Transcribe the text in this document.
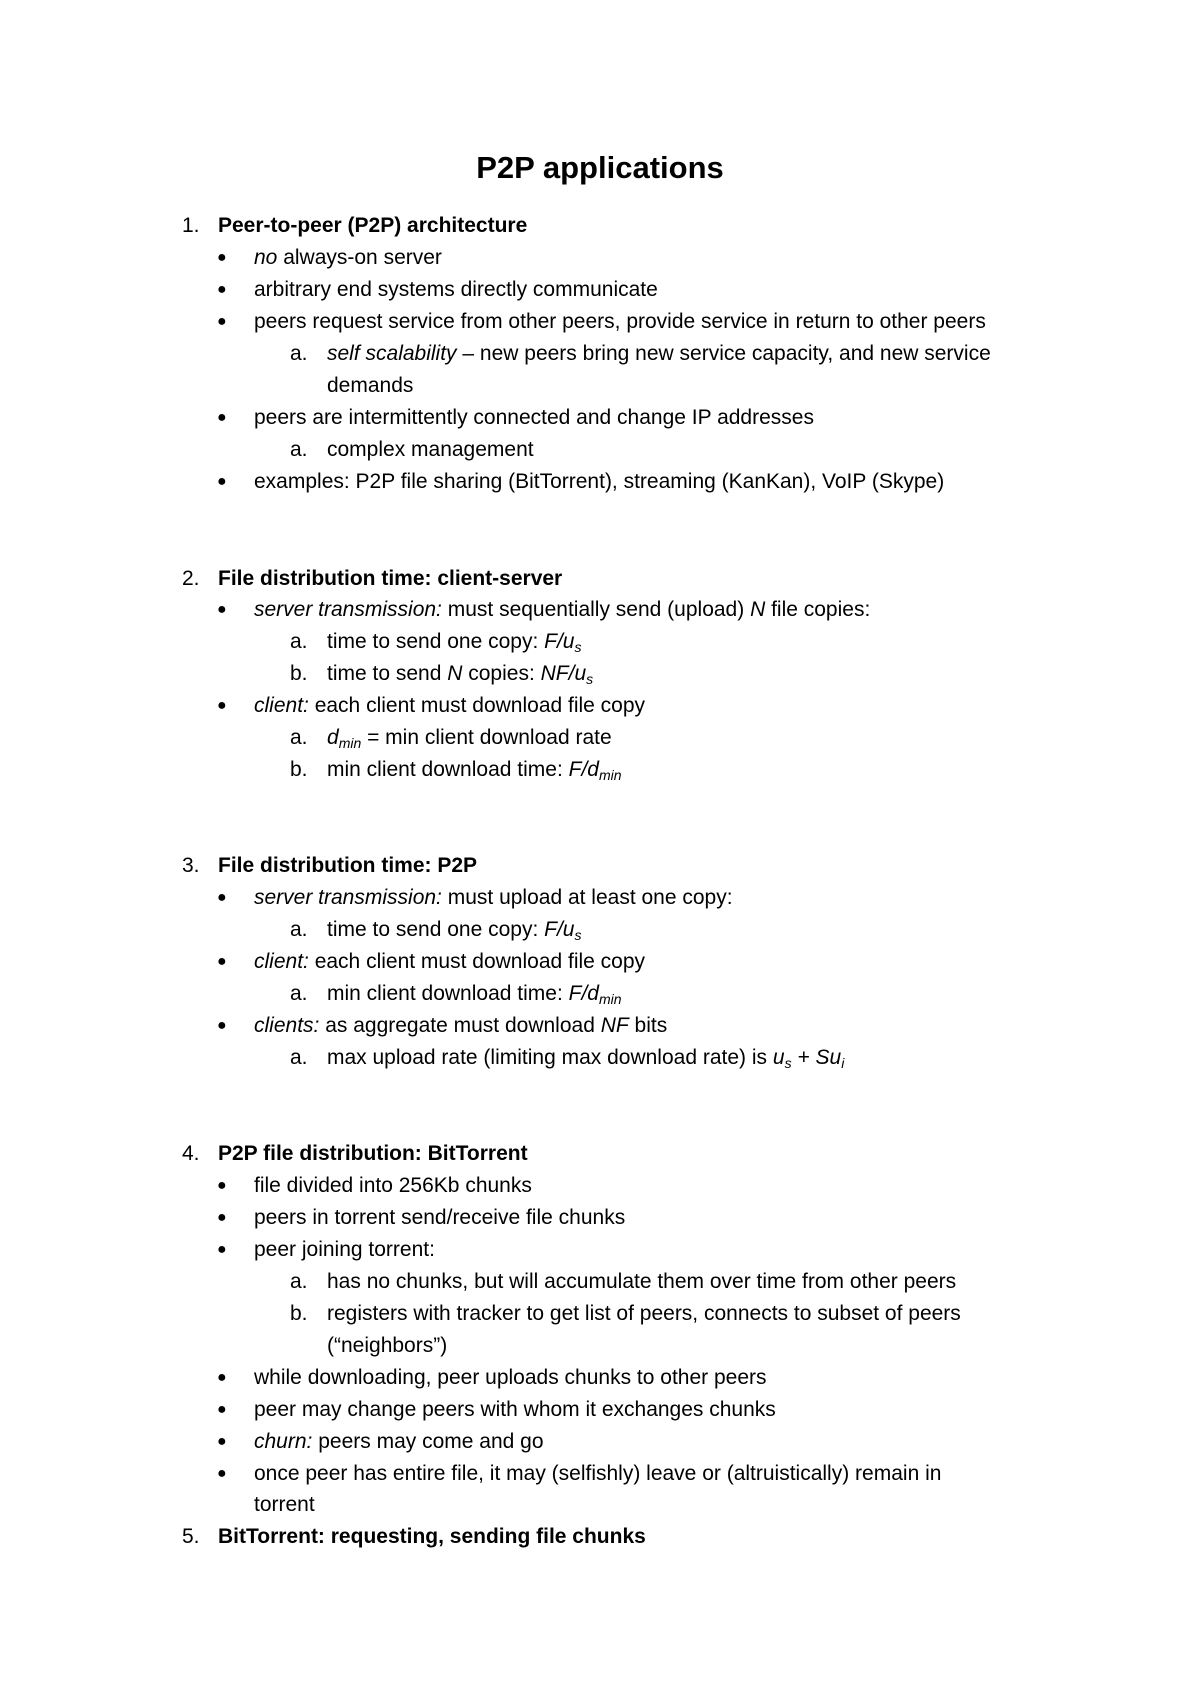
P2P applications
1. Peer-to-peer (P2P) architecture
● no always-on server
● arbitrary end systems directly communicate
● peers request service from other peers, provide service in return to other peers
a. self scalability – new peers bring new service capacity, and new service
demands
● peers are intermittently connected and change IP addresses
a. complex management
● examples: P2P file sharing (BitTorrent), streaming (KanKan), VoIP (Skype)
2. File distribution time: client-server
● server transmission: must sequentially send (upload) N file copies:
a. time to send one copy: $F/u_s$
b. time to send N copies: $NF/u_s$
● client: each client must download file copy
a. $d_{min} = \min$ client download rate
b. min client download time: $F/d_{min}$
3. File distribution time: P2P
● server transmission: must upload at least one copy:
a. time to send one copy: $F/u_s$
● client: each client must download file copy
a. min client download time: $F/d_{min}$
● clients: as aggregate must download NF bits
a. max upload rate (limiting max download rate) is $u_s + Su_i$
4. P2P file distribution: BitTorrent
● file divided into 256Kb chunks
● peers in torrent send/receive file chunks
● peer joining torrent:
a. has no chunks, but will accumulate them over time from other peers
b. registers with tracker to get list of peers, connects to subset of peers
(“neighbors”)
● while downloading, peer uploads chunks to other peers
● peer may change peers with whom it exchanges chunks
● churn: peers may come and go
● once peer has entire file, it may (selfishly) leave or (altruistically) remain in
torrent
5. BitTorrent: requesting, sending file chunks
